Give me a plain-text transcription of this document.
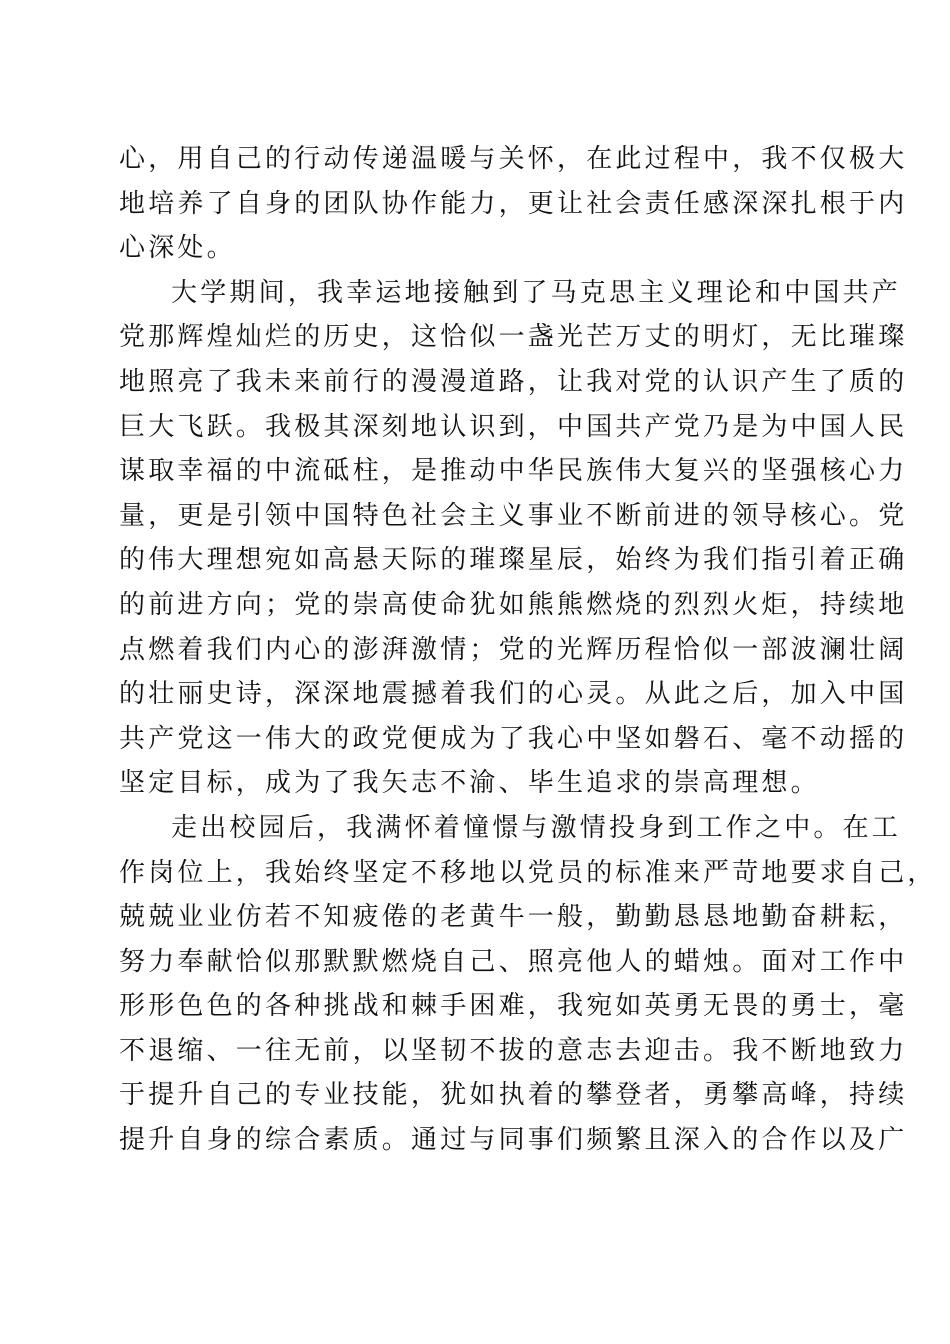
心，用自己的行动传递温暖与关怀，在此过程中，我不仅极大
地培养了自身的团队协作能力，更让社会责任感深深扎根于内
心深处。
大学期间，我幸运地接触到了马克思主义理论和中国共产
党那辉煌灿烂的历史，这恰似一盏光芒万丈的明灯，无比璀璨
地照亮了我未来前行的漫漫道路，让我对党的认识产生了质的
巨大飞跃。我极其深刻地认识到，中国共产党乃是为中国人民
谋取幸福的中流砥柱，是推动中华民族伟大复兴的坚强核心力
量，更是引领中国特色社会主义事业不断前进的领导核心。党
的伟大理想宛如高悬天际的璀璨星辰，始终为我们指引着正确
的前进方向；党的崇高使命犹如熊熊燃烧的烈烈火炬，持续地
点燃着我们内心的澎湃激情；党的光辉历程恰似一部波澜壮阔
的壮丽史诗，深深地震撼着我们的心灵。从此之后，加入中国
共产党这一伟大的政党便成为了我心中坚如磐石、毫不动摇的
坚定目标，成为了我矢志不渝、毕生追求的崇高理想。
走出校园后，我满怀着憧憬与激情投身到工作之中。在工
作岗位上，我始终坚定不移地以党员的标准来严苛地要求自己，
兢兢业业仿若不知疲倦的老黄牛一般，勤勤恳恳地勤奋耕耘，
努力奉献恰似那默默燃烧自己、照亮他人的蜡烛。面对工作中
形形色色的各种挑战和棘手困难，我宛如英勇无畏的勇士，毫
不退缩、一往无前，以坚韧不拔的意志去迎击。我不断地致力
于提升自己的专业技能，犹如执着的攀登者，勇攀高峰，持续
提升自身的综合素质。通过与同事们频繁且深入的合作以及广
